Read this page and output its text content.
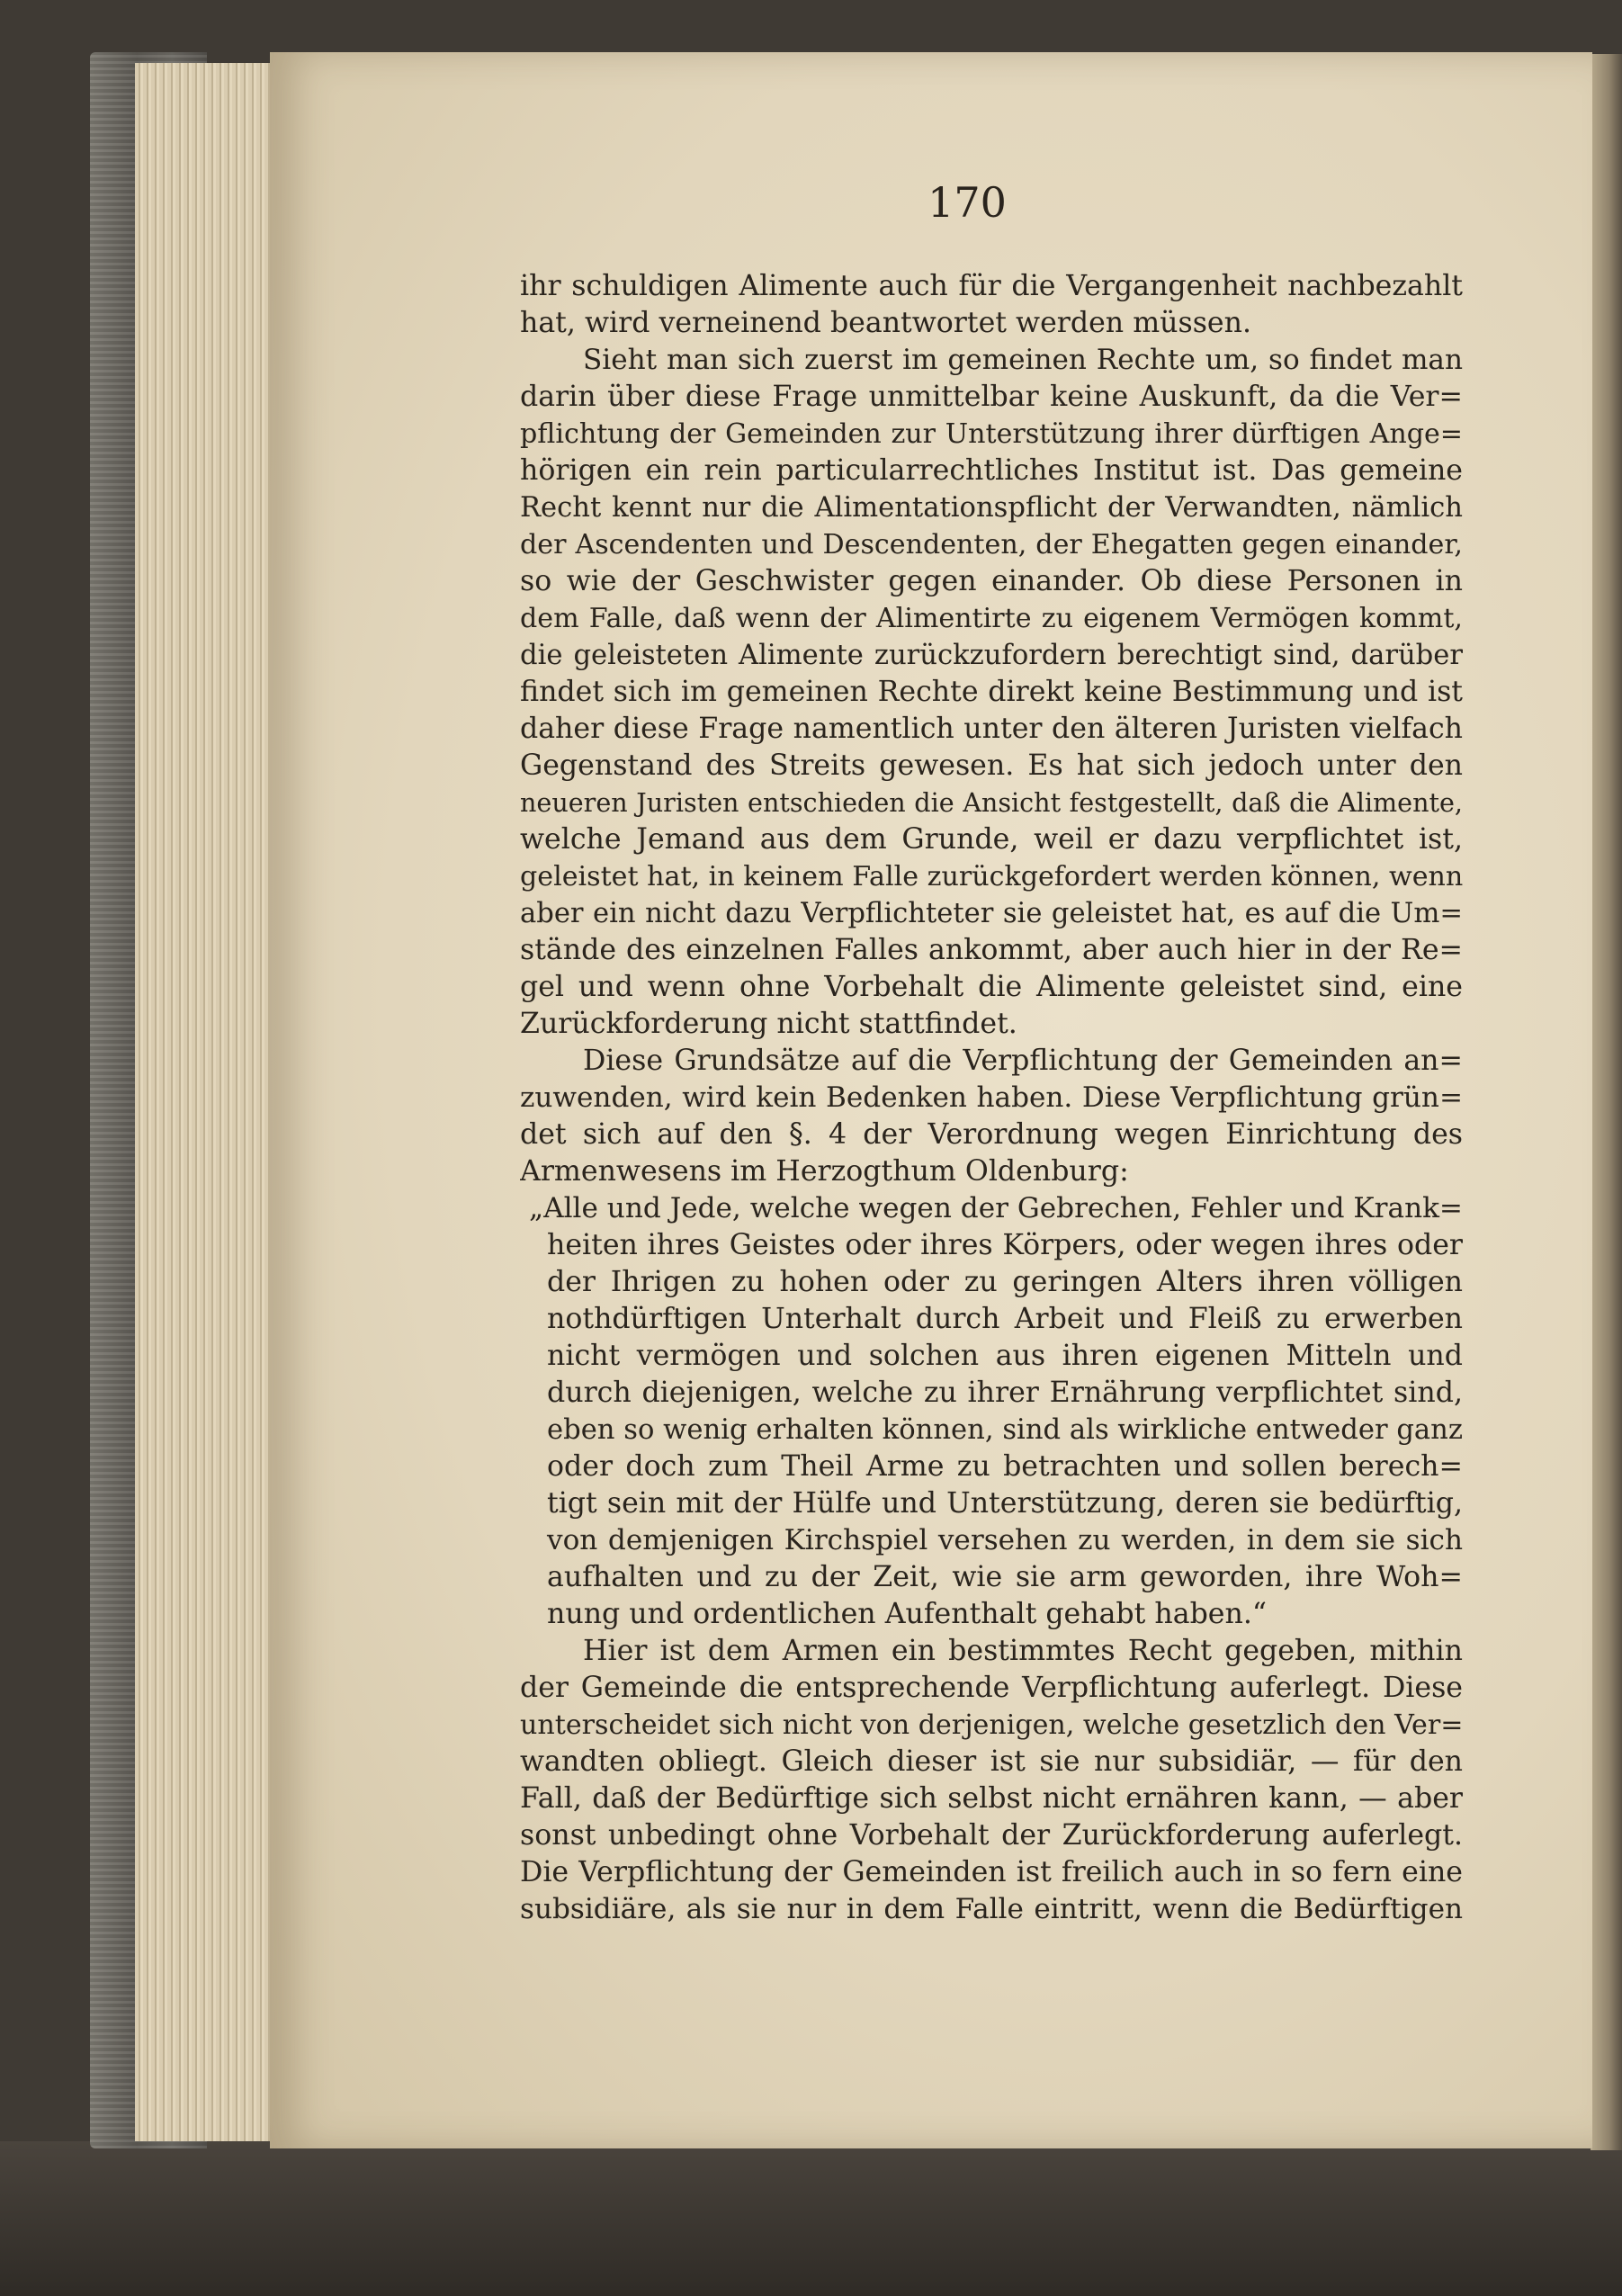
170
ihr schuldigen Alimente auch für die Vergangenheit nachbezahlt
hat, wird verneinend beantwortet werden müssen.
Sieht man sich zuerst im gemeinen Rechte um, so findet man
darin über diese Frage unmittelbar keine Auskunft, da die Ver=
pflichtung der Gemeinden zur Unterstützung ihrer dürftigen Ange=
hörigen ein rein particularrechtliches Institut ist. Das gemeine
Recht kennt nur die Alimentationspflicht der Verwandten, nämlich
der Ascendenten und Descendenten, der Ehegatten gegen einander,
so wie der Geschwister gegen einander. Ob diese Personen in
dem Falle, daß wenn der Alimentirte zu eigenem Vermögen kommt,
die geleisteten Alimente zurückzufordern berechtigt sind, darüber
findet sich im gemeinen Rechte direkt keine Bestimmung und ist
daher diese Frage namentlich unter den älteren Juristen vielfach
Gegenstand des Streits gewesen. Es hat sich jedoch unter den
neueren Juristen entschieden die Ansicht festgestellt, daß die Alimente,
welche Jemand aus dem Grunde, weil er dazu verpflichtet ist,
geleistet hat, in keinem Falle zurückgefordert werden können, wenn
aber ein nicht dazu Verpflichteter sie geleistet hat, es auf die Um=
stände des einzelnen Falles ankommt, aber auch hier in der Re=
gel und wenn ohne Vorbehalt die Alimente geleistet sind, eine
Zurückforderung nicht stattfindet.
Diese Grundsätze auf die Verpflichtung der Gemeinden an=
zuwenden, wird kein Bedenken haben. Diese Verpflichtung grün=
det sich auf den §. 4 der Verordnung wegen Einrichtung des
Armenwesens im Herzogthum Oldenburg:
„Alle und Jede, welche wegen der Gebrechen, Fehler und Krank=
heiten ihres Geistes oder ihres Körpers, oder wegen ihres oder
der Ihrigen zu hohen oder zu geringen Alters ihren völligen
nothdürftigen Unterhalt durch Arbeit und Fleiß zu erwerben
nicht vermögen und solchen aus ihren eigenen Mitteln und
durch diejenigen, welche zu ihrer Ernährung verpflichtet sind,
eben so wenig erhalten können, sind als wirkliche entweder ganz
oder doch zum Theil Arme zu betrachten und sollen berech=
tigt sein mit der Hülfe und Unterstützung, deren sie bedürftig,
von demjenigen Kirchspiel versehen zu werden, in dem sie sich
aufhalten und zu der Zeit, wie sie arm geworden, ihre Woh=
nung und ordentlichen Aufenthalt gehabt haben.“
Hier ist dem Armen ein bestimmtes Recht gegeben, mithin
der Gemeinde die entsprechende Verpflichtung auferlegt. Diese
unterscheidet sich nicht von derjenigen, welche gesetzlich den Ver=
wandten obliegt. Gleich dieser ist sie nur subsidiär, — für den
Fall, daß der Bedürftige sich selbst nicht ernähren kann, — aber
sonst unbedingt ohne Vorbehalt der Zurückforderung auferlegt.
Die Verpflichtung der Gemeinden ist freilich auch in so fern eine
subsidiäre, als sie nur in dem Falle eintritt, wenn die Bedürftigen
